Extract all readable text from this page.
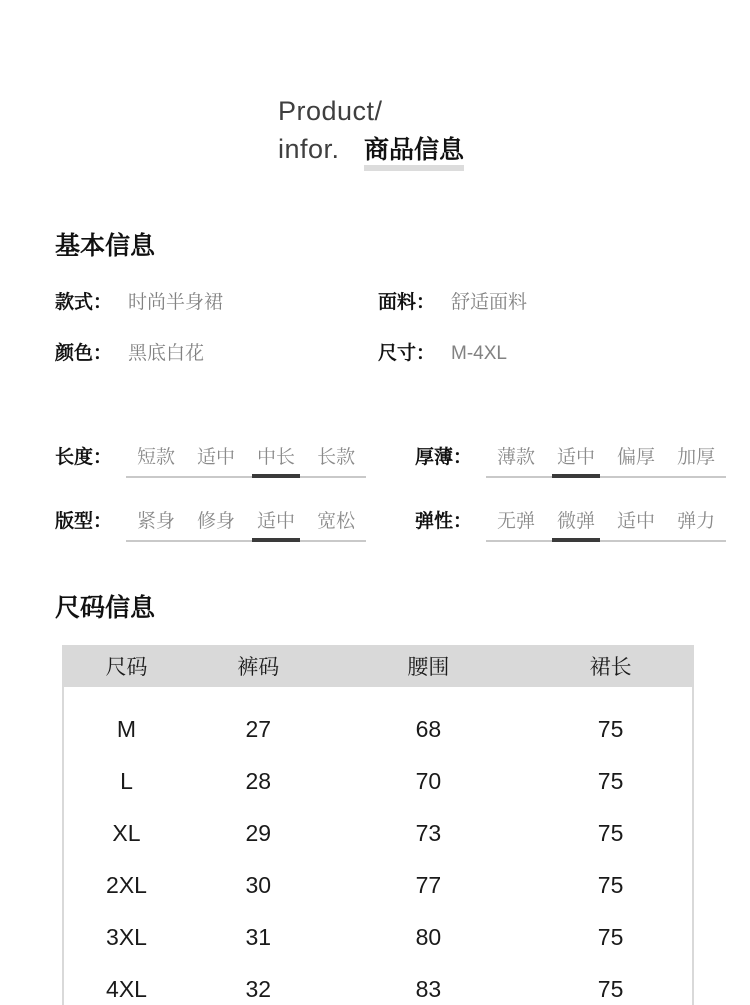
Product/
infor. 商品信息
基本信息
款式： 时尚半身裙	面料： 舒适面料
颜色： 黑底白花	尺寸： M-4XL
长度：	短款	适中	中长	长款	厚薄：	薄款	适中	偏厚	加厚
版型：	紧身	修身	适中	宽松	弹性：	无弹	微弹	适中	弹力
尺码信息
尺码	裤码	腰围	裙长
M	27	68	75
L	28	70	75
XL	29	73	75
2XL	30	77	75
3XL	31	80	75
4XL	32	83	75
